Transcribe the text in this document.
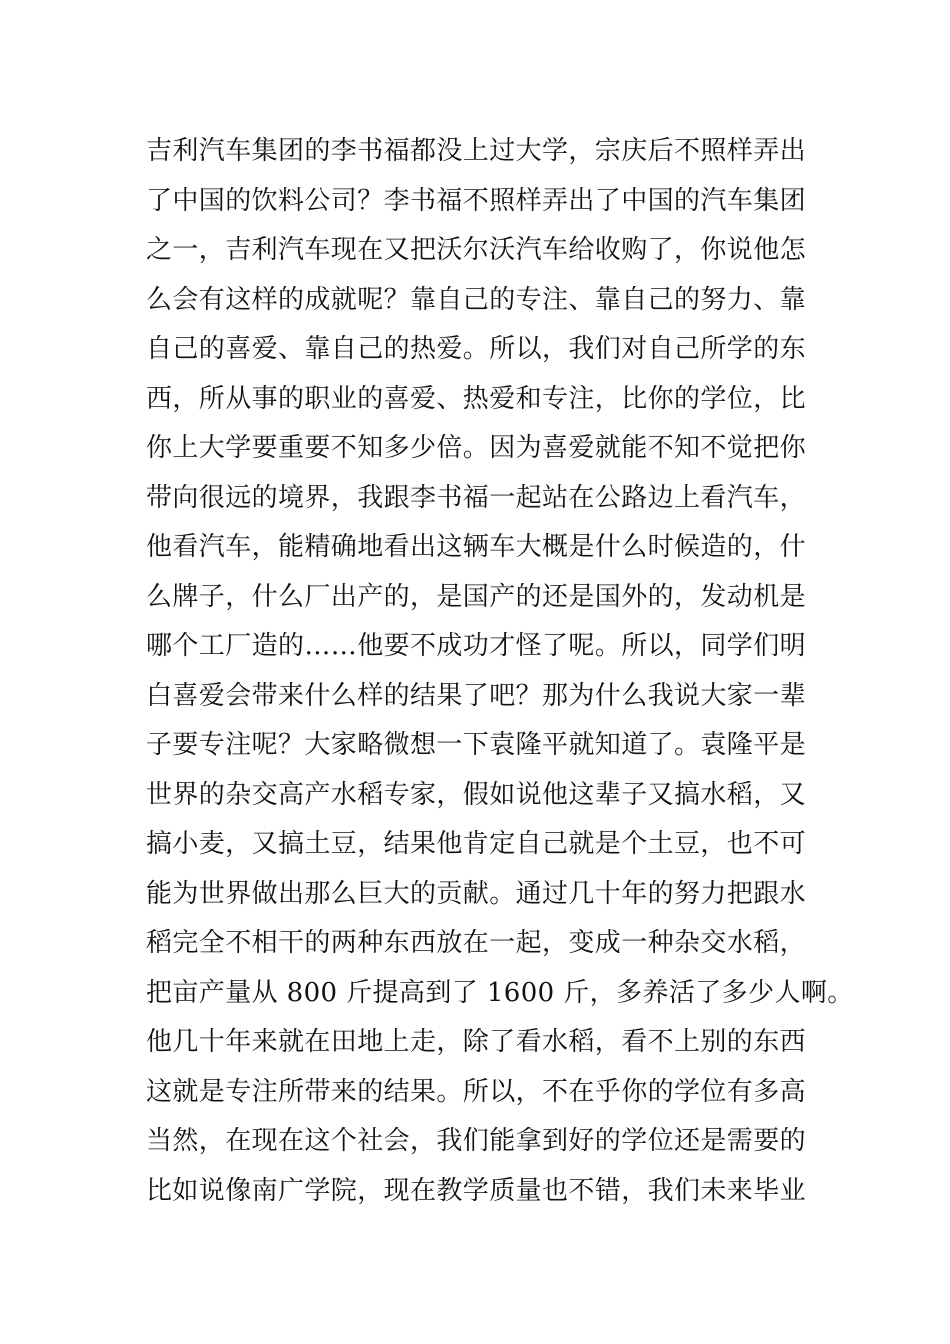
吉利汽车集团的李书福都没上过大学，宗庆后不照样弄出
了中国的饮料公司？李书福不照样弄出了中国的汽车集团
之一，吉利汽车现在又把沃尔沃汽车给收购了，你说他怎
么会有这样的成就呢？靠自己的专注、靠自己的努力、靠
自己的喜爱、靠自己的热爱。所以，我们对自己所学的东
西，所从事的职业的喜爱、热爱和专注，比你的学位，比
你上大学要重要不知多少倍。因为喜爱就能不知不觉把你
带向很远的境界，我跟李书福一起站在公路边上看汽车，
他看汽车，能精确地看出这辆车大概是什么时候造的，什
么牌子，什么厂出产的，是国产的还是国外的，发动机是
哪个工厂造的……他要不成功才怪了呢。所以，同学们明
白喜爱会带来什么样的结果了吧？那为什么我说大家一辈
子要专注呢？大家略微想一下袁隆平就知道了。袁隆平是
世界的杂交高产水稻专家，假如说他这辈子又搞水稻，又
搞小麦，又搞土豆，结果他肯定自己就是个土豆，也不可
能为世界做出那么巨大的贡献。通过几十年的努力把跟水
稻完全不相干的两种东西放在一起，变成一种杂交水稻，
把亩产量从 800 斤提高到了 1600 斤，多养活了多少人啊。
他几十年来就在田地上走，除了看水稻，看不上别的东西
这就是专注所带来的结果。所以，不在乎你的学位有多高
当然，在现在这个社会，我们能拿到好的学位还是需要的
比如说像南广学院，现在教学质量也不错，我们未来毕业
